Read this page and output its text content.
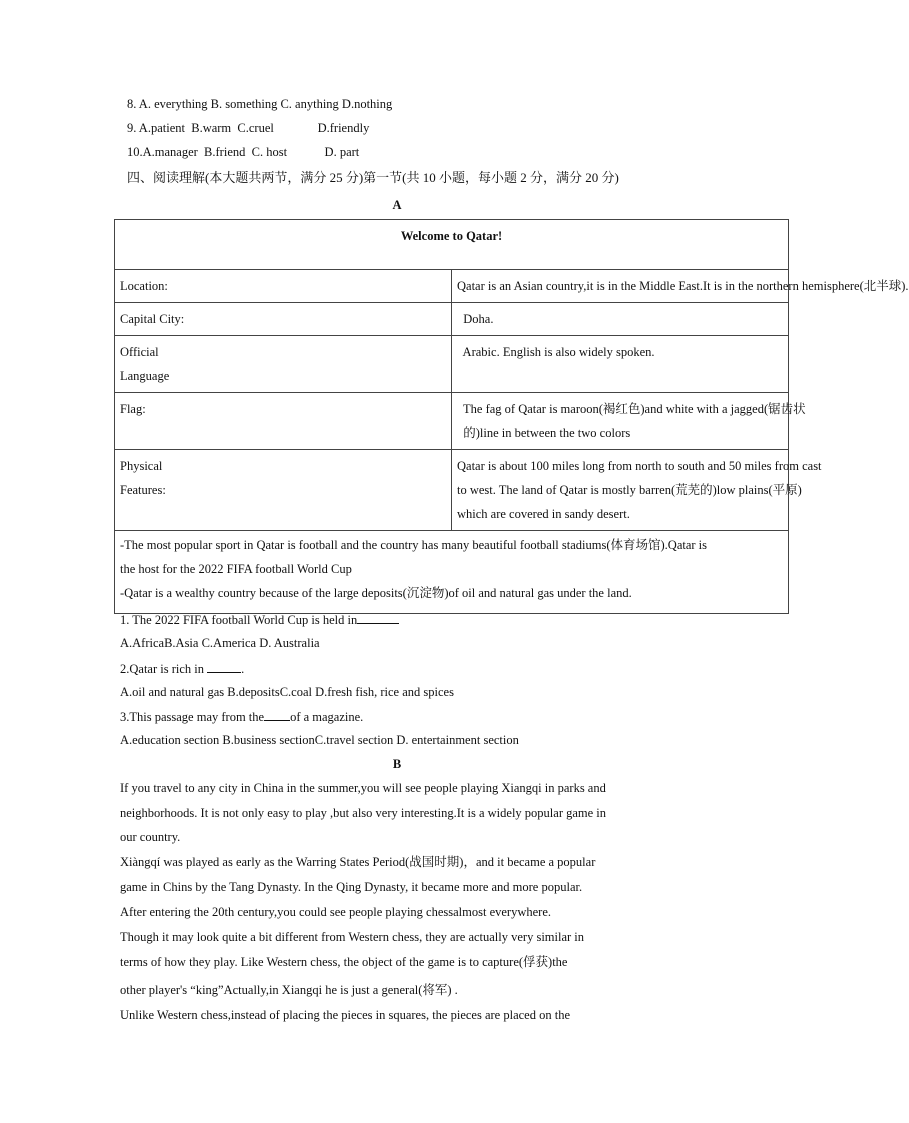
8. A. everything B. something C. anything D.nothing
9. A.patient  B.warm  C.cruel              D.friendly
10.A.manager  B.friend  C. host            D. part
四、阅读理解(本大题共两节，满分 25 分)第一节(共 10 小题，每小题 2 分，满分 20 分)
A
Welcome to Qatar!	

Location:	Qatar is an Asian country,it is in the Middle East.It is in the northern hemisphere(北半球).

Capital City:	Doha.

Official
Language	Arabic. English is also widely spoken.

Flag:	The fag of Qatar is maroon(褐红色)and white with a jagged(锯齿状
的)line in between the two colors

Physical
Features:	Qatar is about 100 miles long from north to south and 50 miles from cast
to west. The land of Qatar is mostly barren(荒芜的)low plains(平原)
which are covered in sandy desert.

-The most popular sport in Qatar is football and the country has many beautiful football stadiums(体育场馆).Qatar is
the host for the 2022 FIFA football World Cup
-Qatar is a wealthy country because of the large deposits(沉淀物)of oil and natural gas under the land.	
1. The 2022 FIFA football World Cup is held in
A.AfricaB.Asia C.America D. Australia
2.Qatar is rich in	.
A.oil and natural gas B.depositsC.coal D.fresh fish, rice and spices
3.This passage may from the of a magazine.
A.education section B.business sectionC.travel section D. entertainment section
B
If you travel to any city in China in the summer,you will see people playing Xiangqi in parks and
neighborhoods. It is not only easy to play ,but also very interesting.It is a widely popular game in
our country.
Xiàngqí was played as early as the Warring States Period(战国时期)，and it became a popular
game in Chins by the Tang Dynasty. In the Qing Dynasty, it became more and more popular.
After entering the 20th century,you could see people playing chessalmost everywhere.
Though it may look quite a bit different from Western chess, they are actually very similar in
terms of how they play. Like Western chess, the object of the game is to capture(俘获)the
other player's “king”Actually,in Xiangqi he is just a general(将军) .
Unlike Western chess,instead of placing the pieces in squares, the pieces are placed on the
